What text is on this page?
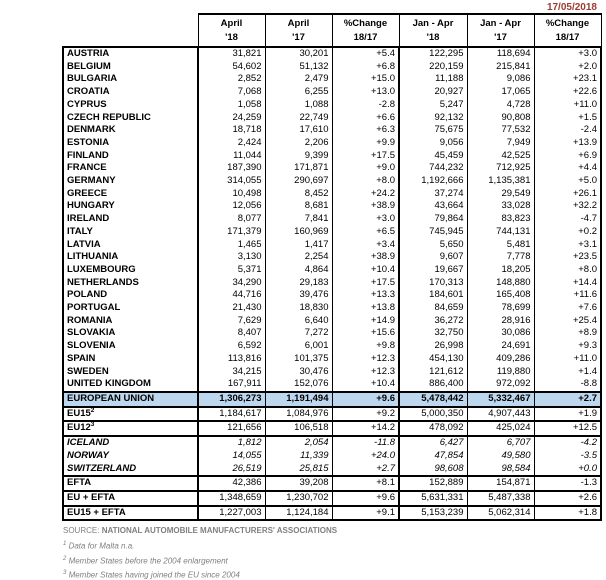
17/05/2018

April
'18

April
'17

%Change
18/17

Jan - Apr
'18

Jan - Apr
'17

%Change
18/17

AUSTRIA	31,821	30,201	+5.4	122,295	118,694	+3.0
BELGIUM	54,602	51,132	+6.8	220,159	215,841	+2.0
BULGARIA	2,852	2,479	+15.0	11,188	9,086	+23.1
CROATIA	7,068	6,255	+13.0	20,927	17,065	+22.6
CYPRUS	1,058	1,088	-2.8	5,247	4,728	+11.0
CZECH REPUBLIC	24,259	22,749	+6.6	92,132	90,808	+1.5
DENMARK	18,718	17,610	+6.3	75,675	77,532	-2.4
ESTONIA	2,424	2,206	+9.9	9,056	7,949	+13.9
FINLAND	11,044	9,399	+17.5	45,459	42,525	+6.9
FRANCE	187,390	171,871	+9.0	744,232	712,925	+4.4
GERMANY	314,055	290,697	+8.0	1,192,666	1,135,381	+5.0
GREECE	10,498	8,452	+24.2	37,274	29,549	+26.1
HUNGARY	12,056	8,681	+38.9	43,664	33,028	+32.2
IRELAND	8,077	7,841	+3.0	79,864	83,823	-4.7
ITALY	171,379	160,969	+6.5	745,945	744,131	+0.2
LATVIA	1,465	1,417	+3.4	5,650	5,481	+3.1
LITHUANIA	3,130	2,254	+38.9	9,607	7,778	+23.5
LUXEMBOURG	5,371	4,864	+10.4	19,667	18,205	+8.0
NETHERLANDS	34,290	29,183	+17.5	170,313	148,880	+14.4
POLAND	44,716	39,476	+13.3	184,601	165,408	+11.6
PORTUGAL	21,430	18,830	+13.8	84,659	78,699	+7.6
ROMANIA	7,629	6,640	+14.9	36,272	28,916	+25.4
SLOVAKIA	8,407	7,272	+15.6	32,750	30,086	+8.9
SLOVENIA	6,592	6,001	+9.8	26,998	24,691	+9.3
SPAIN	113,816	101,375	+12.3	454,130	409,286	+11.0
SWEDEN	34,215	30,476	+12.3	121,612	119,880	+1.4
UNITED KINGDOM	167,911	152,076	+10.4	886,400	972,092	-8.8
EUROPEAN UNION	1,306,273	1,191,494	+9.6	5,478,442	5,332,467	+2.7
EU15$^2$	1,184,617	1,084,976	+9.2	5,000,350	4,907,443	+1.9
EU12$^3$	121,656	106,518	+14.2	478,092	425,024	+12.5
ICELAND	1,812	2,054	-11.8	6,427	6,707	-4.2
NORWAY	14,055	11,339	+24.0	47,854	49,580	-3.5
SWITZERLAND	26,519	25,815	+2.7	98,608	98,584	+0.0
EFTA	42,386	39,208	+8.1	152,889	154,871	-1.3
EU + EFTA	1,348,659	1,230,702	+9.6	5,631,331	5,487,338	+2.6
EU15 + EFTA	1,227,003	1,124,184	+9.1	5,153,239	5,062,314	+1.8
SOURCE: NATIONAL AUTOMOBILE MANUFACTURERS' ASSOCIATIONS
$^1$ Data for Malta n.a.
$^2$ Member States before the 2004 enlargement
$^3$ Member States having joined the EU since 2004
